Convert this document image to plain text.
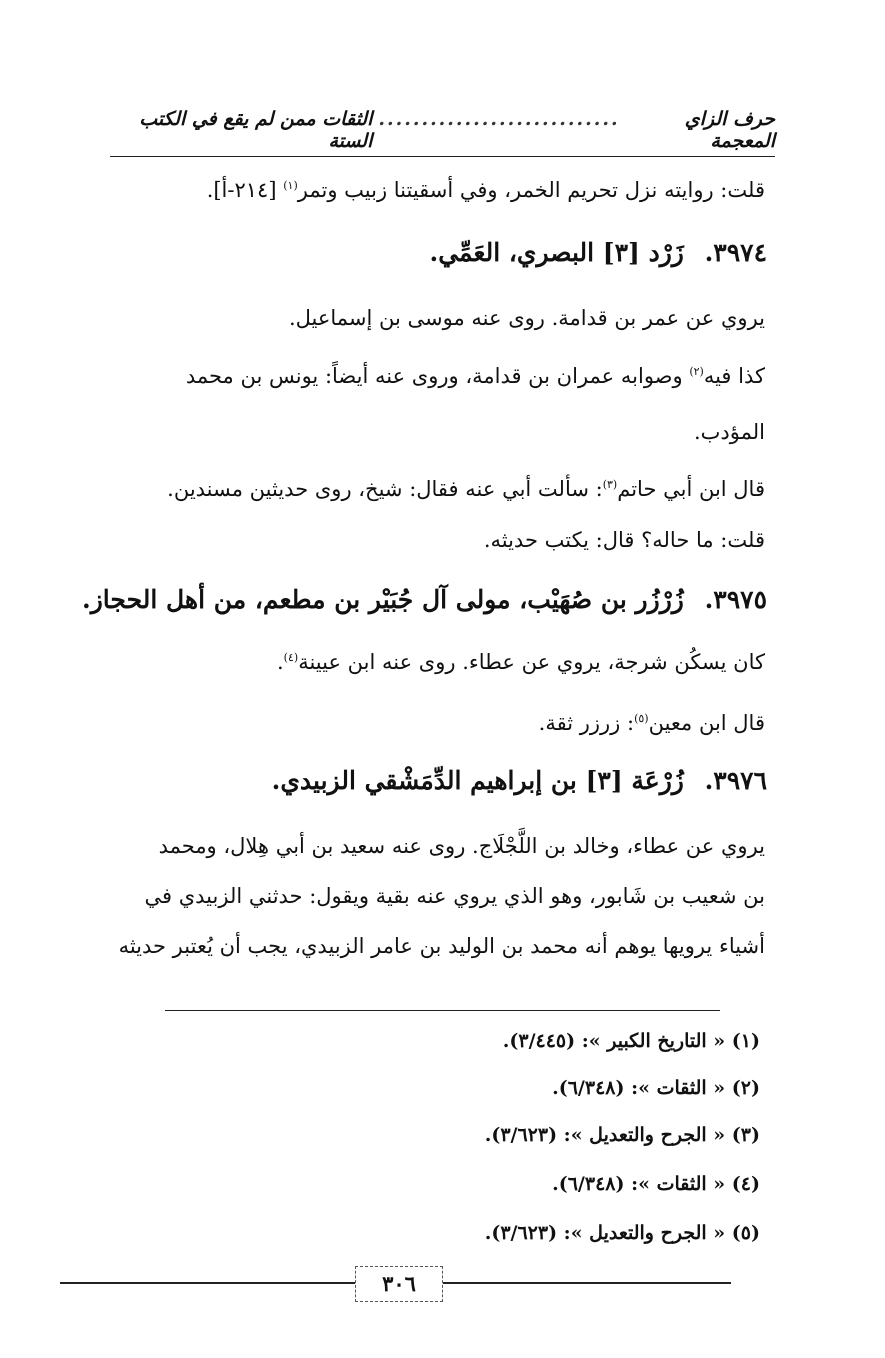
حرف الزاي المعجمة
............................
الثقات ممن لم يقع في الكتب الستة
قلت: روايته نزل تحريم الخمر، وفي أسقيتنا زبيب وتمر$^{(١)}$ [٢١٤-أ].
٣٩٧٤. زَرْد [٣] البصري، العَمِّي.
يروي عن عمر بن قدامة. روى عنه موسى بن إسماعيل.
كذا فيه$^{(٢)}$ وصوابه عمران بن قدامة، وروى عنه أيضاً: يونس بن محمد
المؤدب.
قال ابن أبي حاتم$^{(٣)}$: سألت أبي عنه فقال: شيخ، روى حديثين مسندين.
قلت: ما حاله؟ قال: يكتب حديثه.
٣٩٧٥. زُرْزُر بن صُهَيْب، مولى آل جُبَيْر بن مطعم، من أهل الحجاز.
كان يسكُن شرجة، يروي عن عطاء. روى عنه ابن عيينة$^{(٤)}$.
قال ابن معين$^{(٥)}$: زرزر ثقة.
٣٩٧٦. زُرْعَة [٣] بن إبراهيم الدِّمَشْقي الزبيدي.
يروي عن عطاء، وخالد بن اللَّجْلَاج. روى عنه سعيد بن أبي هِلال، ومحمد
بن شعيب بن شَابور، وهو الذي يروي عنه بقية ويقول: حدثني الزبيدي في
أشياء يرويها يوهم أنه محمد بن الوليد بن عامر الزبيدي، يجب أن يُعتبر حديثه
(١) « التاريخ الكبير »: (٣/٤٤٥).
(٢) « الثقات »: (٦/٣٤٨).
(٣) « الجرح والتعديل »: (٣/٦٢٣).
(٤) « الثقات »: (٦/٣٤٨).
(٥) « الجرح والتعديل »: (٣/٦٢٣).
٣٠٦
